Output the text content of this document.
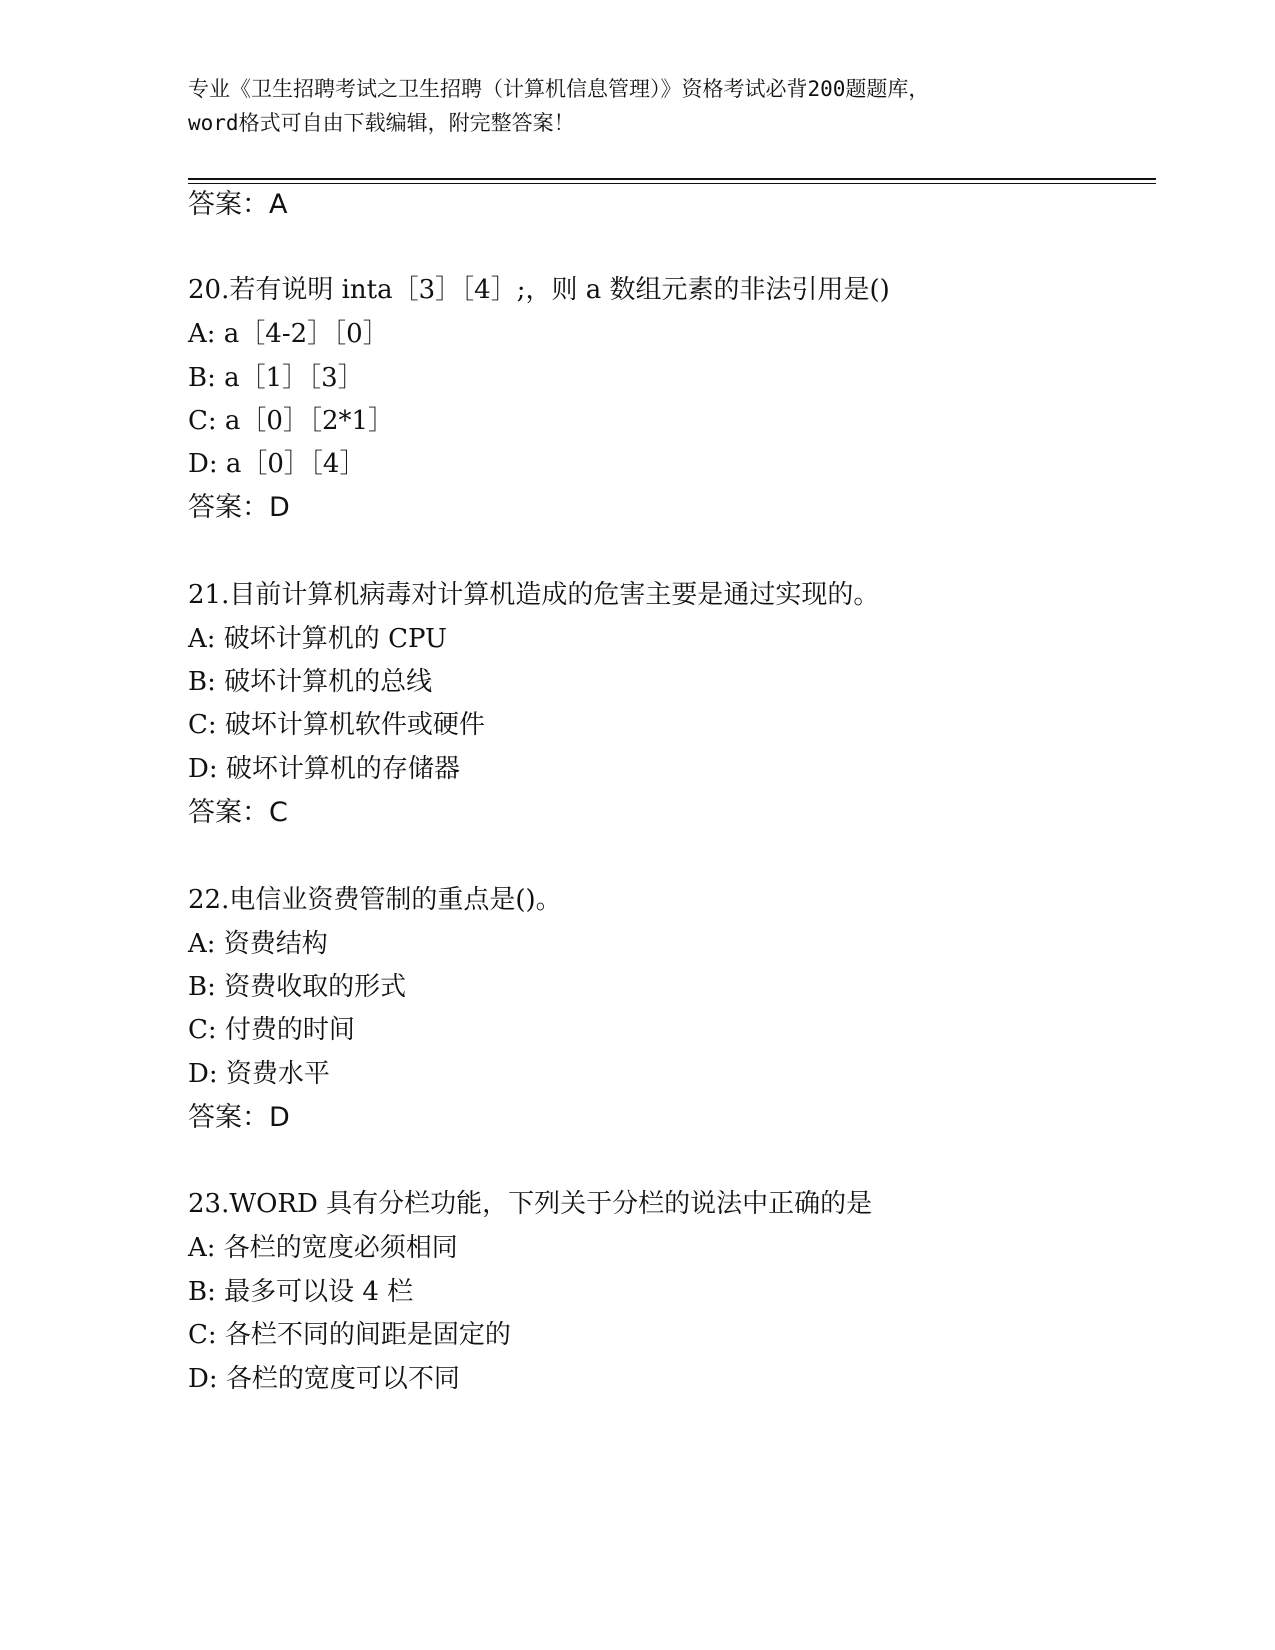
专业《卫生招聘考试之卫生招聘（计算机信息管理）》资格考试必背200题题库，
word格式可自由下载编辑，附完整答案！
答案：A
20.若有说明 inta［3］［4］;，则 a 数组元素的非法引用是()
A: a［4-2］［0］
B: a［1］［3］
C: a［0］［2*1］
D: a［0］［4］
答案：D
21.目前计算机病毒对计算机造成的危害主要是通过实现的。
A: 破坏计算机的 CPU
B: 破坏计算机的总线
C: 破坏计算机软件或硬件
D: 破坏计算机的存储器
答案：C
22.电信业资费管制的重点是()。
A: 资费结构
B: 资费收取的形式
C: 付费的时间
D: 资费水平
答案：D
23.WORD 具有分栏功能，下列关于分栏的说法中正确的是
A: 各栏的宽度必须相同
B: 最多可以设 4 栏
C: 各栏不同的间距是固定的
D: 各栏的宽度可以不同
